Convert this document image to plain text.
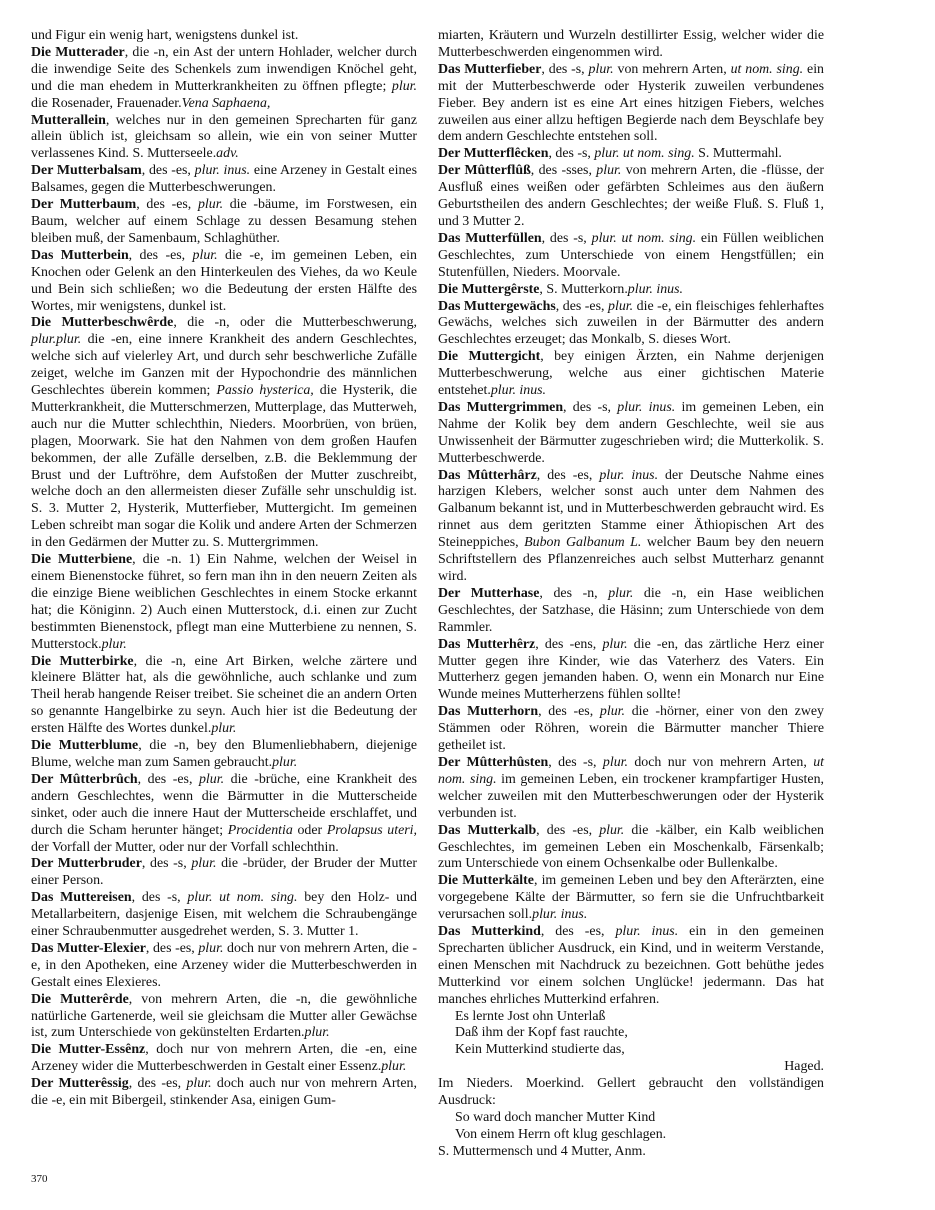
und Figur ein wenig hart, wenigstens dunkel ist.

Die Mutterader, die -n, ein Ast der untern Hohlader, welcher durch die inwendige Seite des Schenkels zum inwendigen Knöchel geht, und die man ehedem in Mutterkrankheiten zu öffnen pflegte; plur. die Rosenader, Frauenader.Vena Saphaena,

Mutterallein, welches nur in den gemeinen Sprecharten für ganz allein üblich ist, gleichsam so allein, wie ein von seiner Mutter verlassenes Kind. S. Mutterseele.adv.

Der Mutterbalsam, des -es, plur. inus. eine Arzeney in Gestalt eines Balsames, gegen die Mutterbeschwerungen.

Der Mutterbaum, des -es, plur. die -bäume, im Forstwesen, ein Baum, welcher auf einem Schlage zu dessen Besamung stehen bleiben muß, der Samenbaum, Schlaghüther.

Das Mutterbein, des -es, plur. die -e, im gemeinen Leben, ein Knochen oder Gelenk an den Hinterkeulen des Viehes, da wo Keule und Bein sich schließen; wo die Bedeutung der ersten Hälfte des Wortes, mir wenigstens, dunkel ist.

Die Mutterbeschwêrde, die -n, oder die Mutterbeschwerung, plur.plur. die -en, eine innere Krankheit des andern Geschlechtes, welche sich auf vielerley Art, und durch sehr beschwerliche Zufälle zeiget, welche im Ganzen mit der Hypochondrie des männlichen Geschlechtes überein kommen; Passio hysterica, die Hysterik, die Mutterkrankheit, die Mutterschmerzen, Mutterplage, das Mutterweh, auch nur die Mutter schlechthin, Nieders. Moorbrüen, von brüen, plagen, Moorwark. Sie hat den Nahmen von dem großen Haufen bekommen, der alle Zufälle derselben, z.B. die Beklemmung der Brust und der Luftröhre, dem Aufstoßen der Mutter zuschreibt, welche doch an den allermeisten dieser Zufälle sehr unschuldig ist. S. 3. Mutter 2, Hysterik, Mutterfieber, Muttergicht. Im gemeinen Leben schreibt man sogar die Kolik und andere Arten der Schmerzen in den Gedärmen der Mutter zu. S. Muttergrimmen.

Die Mutterbiene, die -n. 1) Ein Nahme, welchen der Weisel in einem Bienenstocke führet, so fern man ihn in den neuern Zeiten als die einzige Biene weiblichen Geschlechtes in einem Stocke erkannt hat; die Königinn. 2) Auch einen Mutterstock, d.i. einen zur Zucht bestimmten Bienenstock, pflegt man eine Mutterbiene zu nennen, S. Mutterstock.plur.

Die Mutterbirke, die -n, eine Art Birken, welche zärtere und kleinere Blätter hat, als die gewöhnliche, auch schlanke und zum Theil herab hangende Reiser treibet. Sie scheinet die an andern Orten so genannte Hangelbirke zu seyn. Auch hier ist die Bedeutung der ersten Hälfte des Wortes dunkel.plur.

Die Mutterblume, die -n, bey den Blumenliebhabern, diejenige Blume, welche man zum Samen gebraucht.plur.

Der Mûtterbrûch, des -es, plur. die -brüche, eine Krankheit des andern Geschlechtes, wenn die Bärmutter in die Mutterscheide sinket, oder auch die innere Haut der Mutterscheide erschlaffet, und durch die Scham herunter hänget; Procidentia oder Prolapsus uteri, der Vorfall der Mutter, oder nur der Vorfall schlechthin.

Der Mutterbruder, des -s, plur. die -brüder, der Bruder der Mutter einer Person.

Das Muttereisen, des -s, plur. ut nom. sing. bey den Holz- und Metallarbeitern, dasjenige Eisen, mit welchem die Schraubengänge einer Schraubenmutter ausgedrehet werden, S. 3. Mutter 1.

Das Mutter-Elexier, des -es, plur. doch nur von mehrern Arten, die -e, in den Apotheken, eine Arzeney wider die Mutterbeschwerden in Gestalt eines Elexieres.

Die Mutterêrde, von mehrern Arten, die -n, die gewöhnliche natürliche Gartenerde, weil sie gleichsam die Mutter aller Gewächse ist, zum Unterschiede von gekünstelten Erdarten.plur.

Die Mutter-Essênz, doch nur von mehrern Arten, die -en, eine Arzeney wider die Mutterbeschwerden in Gestalt einer Essenz.plur.

Der Mutterêssig, des -es, plur. doch auch nur von mehrern Arten, die -e, ein mit Bibergeil, stinkender Asa, einigen Gum-

miarten, Kräutern und Wurzeln destillirter Essig, welcher wider die Mutterbeschwerden eingenommen wird.

Das Mutterfieber, des -s, plur. von mehrern Arten, ut nom. sing. ein mit der Mutterbeschwerde oder Hysterik zuweilen verbundenes Fieber. Bey andern ist es eine Art eines hitzigen Fiebers, welches zuweilen aus einer allzu heftigen Begierde nach dem Beyschlafe bey dem andern Geschlechte entstehen soll.

Der Mutterflêcken, des -s, plur. ut nom. sing. S. Muttermahl.

Der Mûtterflûß, des -sses, plur. von mehrern Arten, die -flüsse, der Ausfluß eines weißen oder gefärbten Schleimes aus den äußern Geburtstheilen des andern Geschlechtes; der weiße Fluß. S. Fluß 1, und 3 Mutter 2.

Das Mutterfüllen, des -s, plur. ut nom. sing. ein Füllen weiblichen Geschlechtes, zum Unterschiede von einem Hengstfüllen; ein Stutenfüllen, Nieders. Moorvale.

Die Muttergêrste, S. Mutterkorn.plur. inus.

Das Muttergewächs, des -es, plur. die -e, ein fleischiges fehlerhaftes Gewächs, welches sich zuweilen in der Bärmutter des andern Geschlechtes erzeuget; das Monkalb, S. dieses Wort.

Die Muttergicht, bey einigen Ärzten, ein Nahme derjenigen Mutterbeschwerung, welche aus einer gichtischen Materie entstehet.plur. inus.

Das Muttergrimmen, des -s, plur. inus. im gemeinen Leben, ein Nahme der Kolik bey dem andern Geschlechte, weil sie aus Unwissenheit der Bärmutter zugeschrieben wird; die Mutterkolik. S. Mutterbeschwerde.

Das Mûtterhârz, des -es, plur. inus. der Deutsche Nahme eines harzigen Klebers, welcher sonst auch unter dem Nahmen des Galbanum bekannt ist, und in Mutterbeschwerden gebraucht wird. Es rinnet aus dem geritzten Stamme einer Äthiopischen Art des Steineppiches, Bubon Galbanum L. welcher Baum bey den neuern Schriftstellern des Pflanzenreiches auch selbst Mutterharz genannt wird.

Der Mutterhase, des -n, plur. die -n, ein Hase weiblichen Geschlechtes, der Satzhase, die Häsinn; zum Unterschiede von dem Rammler.

Das Mutterhêrz, des -ens, plur. die -en, das zärtliche Herz einer Mutter gegen ihre Kinder, wie das Vaterherz des Vaters. Ein Mutterherz gegen jemanden haben. O, wenn ein Monarch nur Eine Wunde meines Mutterherzens fühlen sollte!

Das Mutterhorn, des -es, plur. die -hörner, einer von den zwey Stämmen oder Röhren, worein die Bärmutter mancher Thiere getheilet ist.

Der Mûtterhûsten, des -s, plur. doch nur von mehrern Arten, ut nom. sing. im gemeinen Leben, ein trockener krampfartiger Husten, welcher zuweilen mit den Mutterbeschwerungen oder der Hysterik verbunden ist.

Das Mutterkalb, des -es, plur. die -kälber, ein Kalb weiblichen Geschlechtes, im gemeinen Leben ein Moschenkalb, Färsenkalb; zum Unterschiede von einem Ochsenkalbe oder Bullenkalbe.

Die Mutterkälte, im gemeinen Leben und bey den Afterärzten, eine vorgegebene Kälte der Bärmutter, so fern sie die Unfruchtbarkeit verursachen soll.plur. inus.

Das Mutterkind, des -es, plur. inus. ein in den gemeinen Sprecharten üblicher Ausdruck, ein Kind, und in weiterm Verstande, einen Menschen mit Nachdruck zu bezeichnen. Gott behüthe jedes Mutterkind vor einem solchen Unglücke! jedermann. Das hat manches ehrliches Mutterkind erfahren.

Es lernte Jost ohn Unterlaß

Daß ihm der Kopf fast rauchte,

Kein Mutterkind studierte das,

Haged.

Im Nieders. Moerkind. Gellert gebraucht den vollständigen Ausdruck:

So ward doch mancher Mutter Kind

Von einem Herrn oft klug geschlagen.

S. Muttermensch und 4 Mutter, Anm.

370
